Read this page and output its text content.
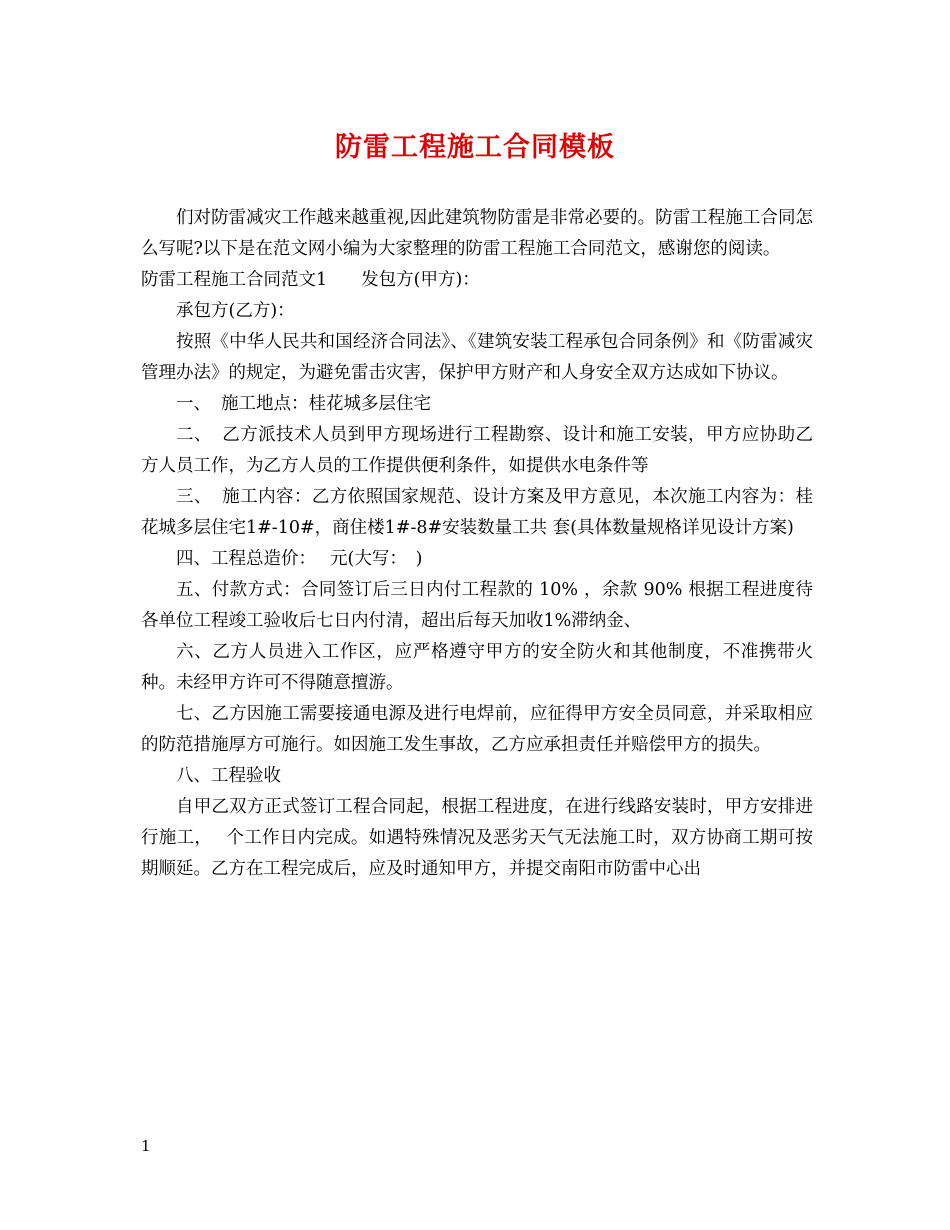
防雷工程施工合同模板

们对防雷减灾工作越来越重视,因此建筑物防雷是非常必要的。防雷工程施工合同怎么写呢?以下是在范文网小编为大家整理的防雷工程施工合同范文，感谢您的阅读。

防雷工程施工合同范文1 发包方(甲方)：

承包方(乙方)：

按照《中华人民共和国经济合同法》、《建筑安装工程承包合同条例》和《防雷减灾管理办法》的规定，为避免雷击灾害，保护甲方财产和人身安全双方达成如下协议。

一、 施工地点：桂花城多层住宅

二、 乙方派技术人员到甲方现场进行工程勘察、设计和施工安装，甲方应协助乙方人员工作，为乙方人员的工作提供便利条件，如提供水电条件等

三、 施工内容：乙方依照国家规范、设计方案及甲方意见，本次施工内容为：桂花城多层住宅1#-10#，商住楼1#-8#安装数量工共 套(具体数量规格详见设计方案)

四、工程总造价： 元(大写：　)

五、付款方式：合同签订后三日内付工程款的 10% ，余款 90% 根据工程进度待各单位工程竣工验收后七日内付清，超出后每天加收1%滞纳金、

六、乙方人员进入工作区，应严格遵守甲方的安全防火和其他制度，不准携带火种。未经甲方许可不得随意擅游。

七、乙方因施工需要接通电源及进行电焊前，应征得甲方安全员同意，并采取相应的防范措施厚方可施行。如因施工发生事故，乙方应承担责任并赔偿甲方的损失。

八、工程验收

自甲乙双方正式签订工程合同起，根据工程进度，在进行线路安装时，甲方安排进行施工， 个工作日内完成。如遇特殊情况及恶劣天气无法施工时，双方协商工期可按期顺延。乙方在工程完成后，应及时通知甲方，并提交南阳市防雷中心出

1
